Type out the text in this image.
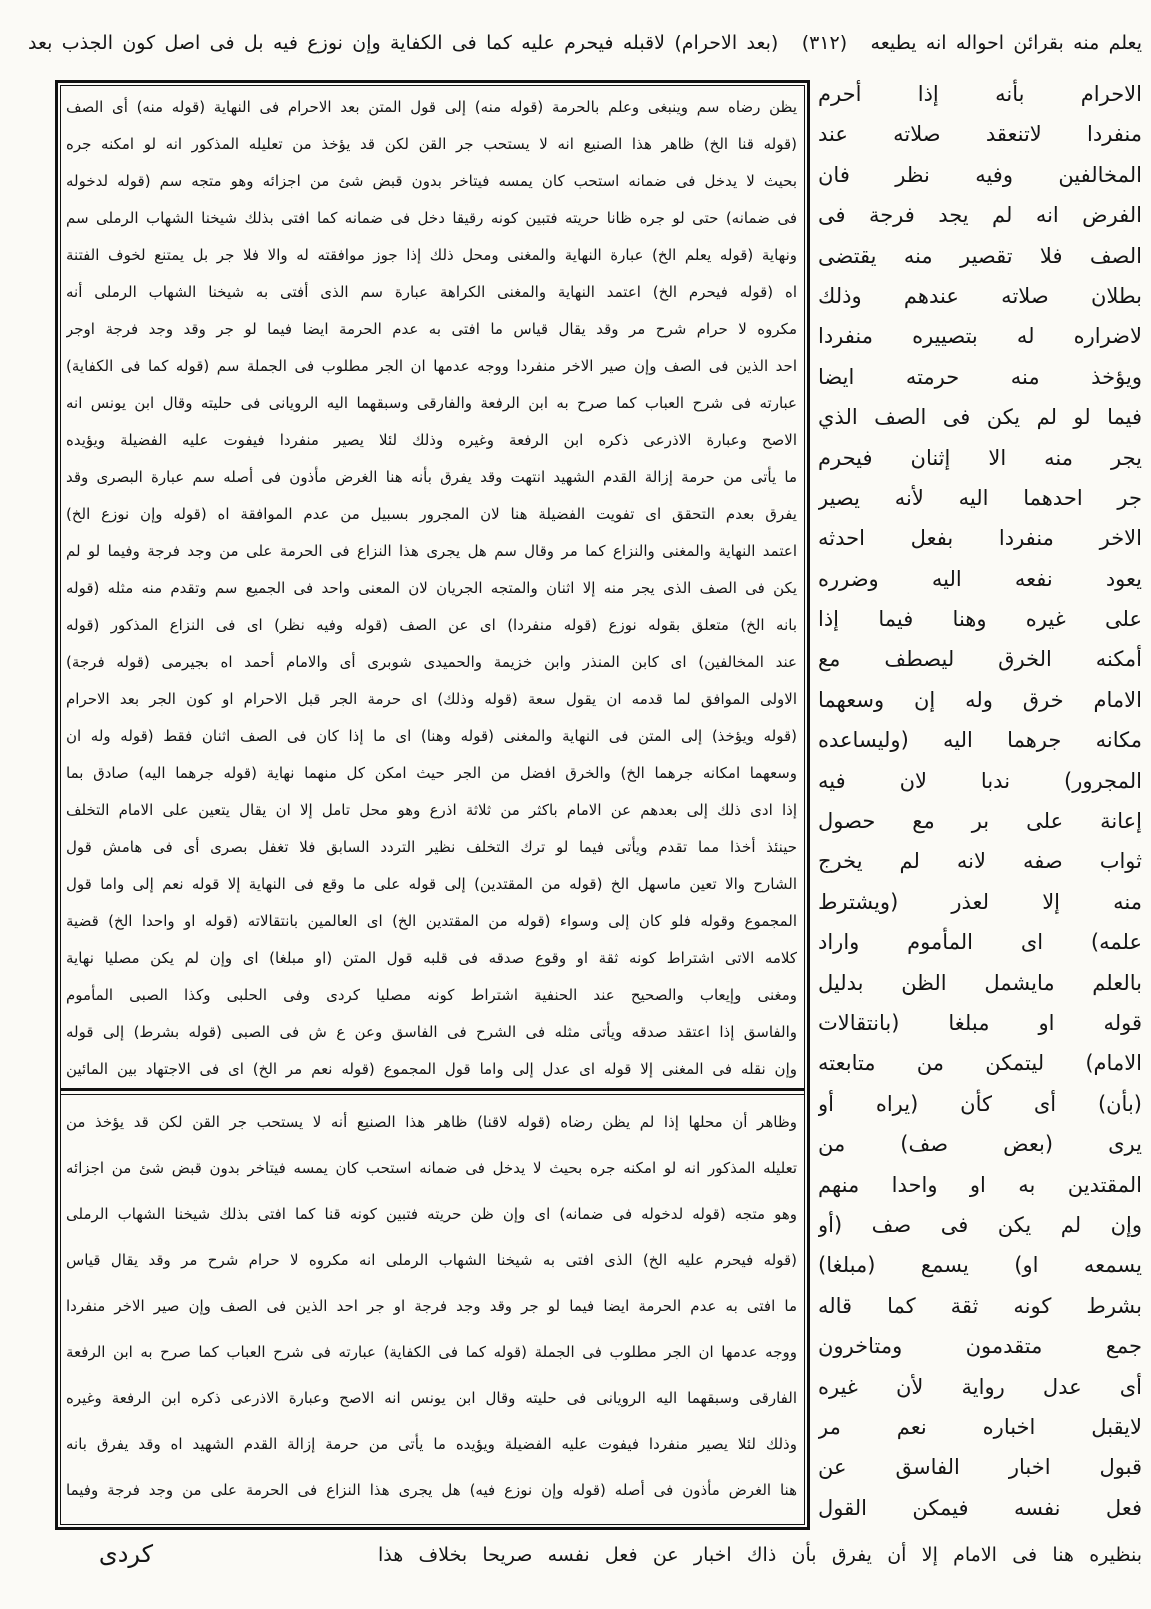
يعلم منه بقرائن احواله انه يطيعه (٣١٢) (بعد الاحرام) لاقبله فيحرم عليه كما فى الكفاية وإن نوزع فيه بل فى اصل كون الجذب بعد
الاحرام بأنه إذا أحرم
منفردا لاتنعقد صلاته عند
المخالفين وفيه نظر فان
الفرض انه لم يجد فرجة فى
الصف فلا تقصير منه يقتضى
بطلان صلاته عندهم وذلك
لاضراره له بتصييره منفردا
ويؤخذ منه حرمته ايضا
فيما لو لم يكن فى الصف الذي
يجر منه الا إثنان فيحرم
جر احدهما اليه لأنه يصير
الاخر منفردا بفعل احدثه
يعود نفعه اليه وضرره
على غيره وهنا فيما إذا
أمكنه الخرق ليصطف مع
الامام خرق وله إن وسعهما
مكانه جرهما اليه (وليساعده
المجرور) ندبا لان فيه
إعانة على بر مع حصول
ثواب صفه لانه لم يخرج
منه إلا لعذر (ويشترط
علمه) اى المأموم واراد
بالعلم مايشمل الظن بدليل
قوله او مبلغا (بانتقالات
الامام) ليتمكن من متابعته
(بأن) أى كأن (يراه أو
يرى (بعض صف) من
المقتدين به او واحدا منهم
وإن لم يكن فى صف (أو
يسمعه او) يسمع (مبلغا)
بشرط كونه ثقة كما قاله
جمع متقدمون ومتاخرون
أى عدل رواية لأن غيره
لايقبل اخباره نعم مر
قبول اخبار الفاسق عن
فعل نفسه فيمكن القول
يظن رضاه سم وينبغى وعلم بالحرمة (قوله منه) إلى قول المتن بعد الاحرام فى النهاية (قوله منه) أى الصف
(قوله قنا الخ) ظاهر هذا الصنيع انه لا يستحب جر القن لكن قد يؤخذ من تعليله المذكور انه لو امكنه جره
بحيث لا يدخل فى ضمانه استحب كان يمسه فيتاخر بدون قبض شئ من اجزائه وهو متجه سم (قوله لدخوله
فى ضمانه) حتى لو جره ظانا حريته فتبين كونه رقيقا دخل فى ضمانه كما افتى بذلك شيخنا الشهاب الرملى سم
ونهاية (قوله يعلم الخ) عبارة النهاية والمغنى ومحل ذلك إذا جوز موافقته له والا فلا جر بل يمتنع لخوف الفتنة
اه (قوله فيحرم الخ) اعتمد النهاية والمغنى الكراهة عبارة سم الذى أفتى به شيخنا الشهاب الرملى أنه
مكروه لا حرام شرح مر وقد يقال قياس ما افتى به عدم الحرمة ايضا فيما لو جر وقد وجد فرجة اوجر
احد الذين فى الصف وإن صير الاخر منفردا ووجه عدمها ان الجر مطلوب فى الجملة سم (قوله كما فى الكفاية)
عبارته فى شرح العباب كما صرح به ابن الرفعة والفارقى وسبقهما اليه الرويانى فى حليته وقال ابن يونس انه
الاصح وعبارة الاذرعى ذكره ابن الرفعة وغيره وذلك لئلا يصير منفردا فيفوت عليه الفضيلة ويؤيده
ما يأتى من حرمة إزالة القدم الشهيد انتهت وقد يفرق بأنه هنا الغرض مأذون فى أصله سم عبارة البصرى وقد
يفرق بعدم التحقق اى تفويت الفضيلة هنا لان المجرور بسبيل من عدم الموافقة اه (قوله وإن نوزع الخ)
اعتمد النهاية والمغنى والنزاع كما مر وقال سم هل يجرى هذا النزاع فى الحرمة على من وجد فرجة وفيما لو لم
يكن فى الصف الذى يجر منه إلا اثنان والمتجه الجريان لان المعنى واحد فى الجميع سم وتقدم منه مثله (قوله
بانه الخ) متعلق بقوله نوزع (قوله منفردا) اى عن الصف (قوله وفيه نظر) اى فى النزاع المذكور (قوله
عند المخالفين) اى كابن المنذر وابن خزيمة والحميدى شوبرى أى والامام أحمد اه بجيرمى (قوله فرجة)
الاولى الموافق لما قدمه ان يقول سعة (قوله وذلك) اى حرمة الجر قبل الاحرام او كون الجر بعد الاحرام
(قوله ويؤخذ) إلى المتن فى النهاية والمغنى (قوله وهنا) اى ما إذا كان فى الصف اثنان فقط (قوله وله ان
وسعهما امكانه جرهما الخ) والخرق افضل من الجر حيث امكن كل منهما نهاية (قوله جرهما اليه) صادق بما
إذا ادى ذلك إلى بعدهم عن الامام باكثر من ثلاثة اذرع وهو محل تامل إلا ان يقال يتعين على الامام التخلف
حينئذ أخذا مما تقدم ويأتى فيما لو ترك التخلف نظير التردد السابق فلا تغفل بصرى أى فى هامش قول
الشارح والا تعين ماسهل الخ (قوله من المقتدين) إلى قوله على ما وقع فى النهاية إلا قوله نعم إلى واما قول
المجموع وقوله فلو كان إلى وسواء (قوله من المقتدين الخ) اى العالمين بانتقالاته (قوله او واحدا الخ) قضية
كلامه الاتى اشتراط كونه ثقة او وقوع صدقه فى قلبه قول المتن (او مبلغا) اى وإن لم يكن مصليا نهاية
ومغنى وإيعاب والصحيح عند الحنفية اشتراط كونه مصليا كردى وفى الحلبى وكذا الصبى المأموم
والفاسق إذا اعتقد صدقه ويأتى مثله فى الشرح فى الفاسق وعن ع ش فى الصبى (قوله بشرط) إلى قوله
وإن نقله فى المغنى إلا قوله اى عدل إلى واما قول المجموع (قوله نعم مر الخ) اى فى الاجتهاد بين المائين
وظاهر أن محلها إذا لم يظن رضاه (قوله لاقنا) ظاهر هذا الصنيع أنه لا يستحب جر القن لكن قد يؤخذ من
تعليله المذكور انه لو امكنه جره بحيث لا يدخل فى ضمانه استحب كان يمسه فيتاخر بدون قبض شئ من اجزائه
وهو متجه (قوله لدخوله فى ضمانه) اى وإن ظن حريته فتبين كونه قنا كما افتى بذلك شيخنا الشهاب الرملى
(قوله فيحرم عليه الخ) الذى افتى به شيخنا الشهاب الرملى انه مكروه لا حرام شرح مر وقد يقال قياس
ما افتى به عدم الحرمة ايضا فيما لو جر وقد وجد فرجة او جر احد الذين فى الصف وإن صير الاخر منفردا
ووجه عدمها ان الجر مطلوب فى الجملة (قوله كما فى الكفاية) عبارته فى شرح العباب كما صرح به ابن الرفعة
الفارقى وسبقهما اليه الرويانى فى حليته وقال ابن يونس انه الاصح وعبارة الاذرعى ذكره ابن الرفعة وغيره
وذلك لئلا يصير منفردا فيفوت عليه الفضيلة ويؤيده ما يأتى من حرمة إزالة القدم الشهيد اه وقد يفرق بانه
هنا الغرض مأذون فى أصله (قوله وإن نوزع فيه) هل يجرى هذا النزاع فى الحرمة على من وجد فرجة وفيما
بنظيره هنا فى الامام إلا أن يفرق بأن ذاك اخبار عن فعل نفسه صريحا بخلاف هذا
كردى
